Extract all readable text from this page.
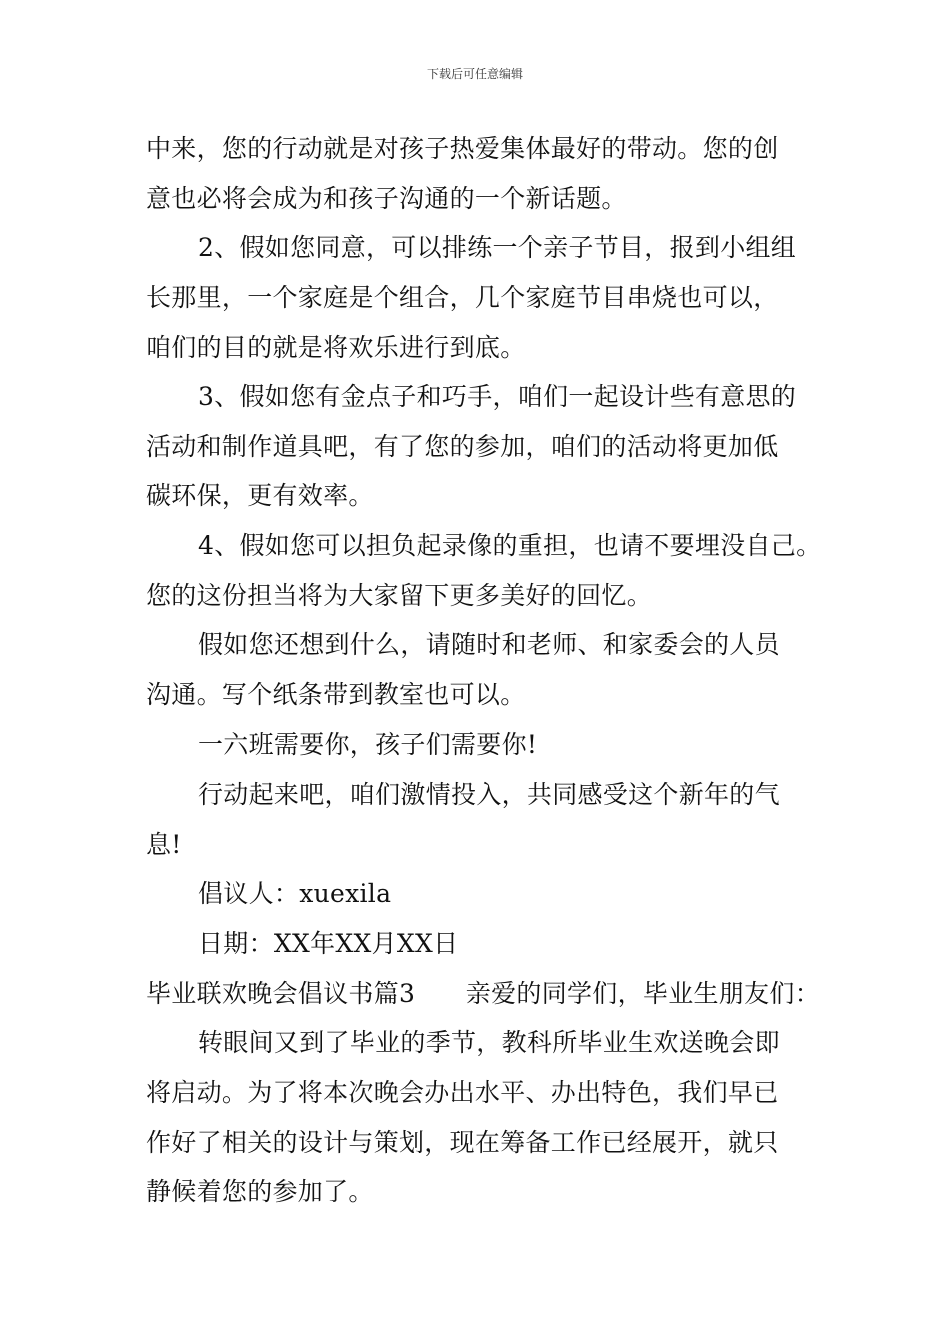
下载后可任意编辑
中来，您的行动就是对孩子热爱集体最好的带动。您的创
意也必将会成为和孩子沟通的一个新话题。
2、假如您同意，可以排练一个亲子节目，报到小组组
长那里，一个家庭是个组合，几个家庭节目串烧也可以，
咱们的目的就是将欢乐进行到底。
3、假如您有金点子和巧手，咱们一起设计些有意思的
活动和制作道具吧，有了您的参加，咱们的活动将更加低
碳环保，更有效率。
4、假如您可以担负起录像的重担，也请不要埋没自己。
您的这份担当将为大家留下更多美好的回忆。
假如您还想到什么，请随时和老师、和家委会的人员
沟通。写个纸条带到教室也可以。
一六班需要你，孩子们需要你!
行动起来吧，咱们激情投入，共同感受这个新年的气
息!
倡议人：xuexila
日期：XX年XX月XX日
毕业联欢晚会倡议书篇3　　亲爱的同学们，毕业生朋友们：
转眼间又到了毕业的季节，教科所毕业生欢送晚会即
将启动。为了将本次晚会办出水平、办出特色，我们早已
作好了相关的设计与策划，现在筹备工作已经展开，就只
静候着您的参加了。
